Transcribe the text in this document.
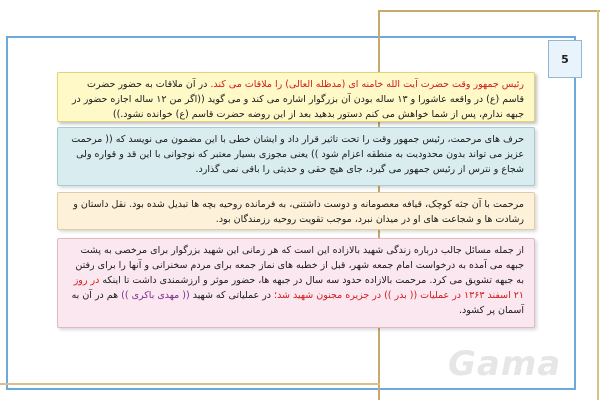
5
رئیس جمهور وقت حضرت آیت الله خامنه ای (مدظله العالی) را ملاقات می کند. در آن ملاقات به حضور حضرت قاسم (ع) در واقعه عاشورا و ۱۳ ساله بودن آن بزرگوار اشاره می کند و می گوید ((اگر من ۱۲ ساله اجازه حضور در جبهه ندارم، پس از شما خواهش می کنم دستور بدهید بعد از این روضه حضرت قاسم (ع) خوانده نشود.))
حرف های مرحمت، رئیس جمهور وقت را تحت تاثیر قرار داد و ایشان خطی با این مضمون می نویسد که (( مرحمت عزیز می تواند بدون محدودیت به منطقه اعزام شود )) یعنی مجوزی بسیار معتبر که نوجوانی با این قد و قواره ولی شجاع و نترس از رئیس جمهور می گیرد، جای هیچ حقی و حدیثی را باقی نمی گذارد.
مرحمت با آن جثه کوچک، قیافه معصومانه و دوست داشتنی، به فرمانده روحیه بچه ها تبدیل شده بود. نقل داستان و رشادت ها و شجاعت های او در میدان نبرد، موجب تقویت روحیه رزمندگان بود.
از جمله مسائل جالب درباره زندگی شهید بالازاده این است که هر زمانی این شهید بزرگوار برای مرخصی به پشت جبهه می آمده به درخواست امام جمعه شهر، قبل از خطبه های نماز جمعه برای مردم سخنرانی و آنها را برای رفتن به جبهه تشویق می کرد. مرحمت بالازاده حدود سه سال در جبهه ها، حضور موثر و ارزشمندی داشت تا اینکه در روز ۲۱ اسفند ۱۳۶۳ در عملیات (( بدر )) در جزیره مجنون شهید شد؛ در عملیاتی که شهید (( مهدی باکری )) هم در آن به آسمان پر کشود.
Gama
